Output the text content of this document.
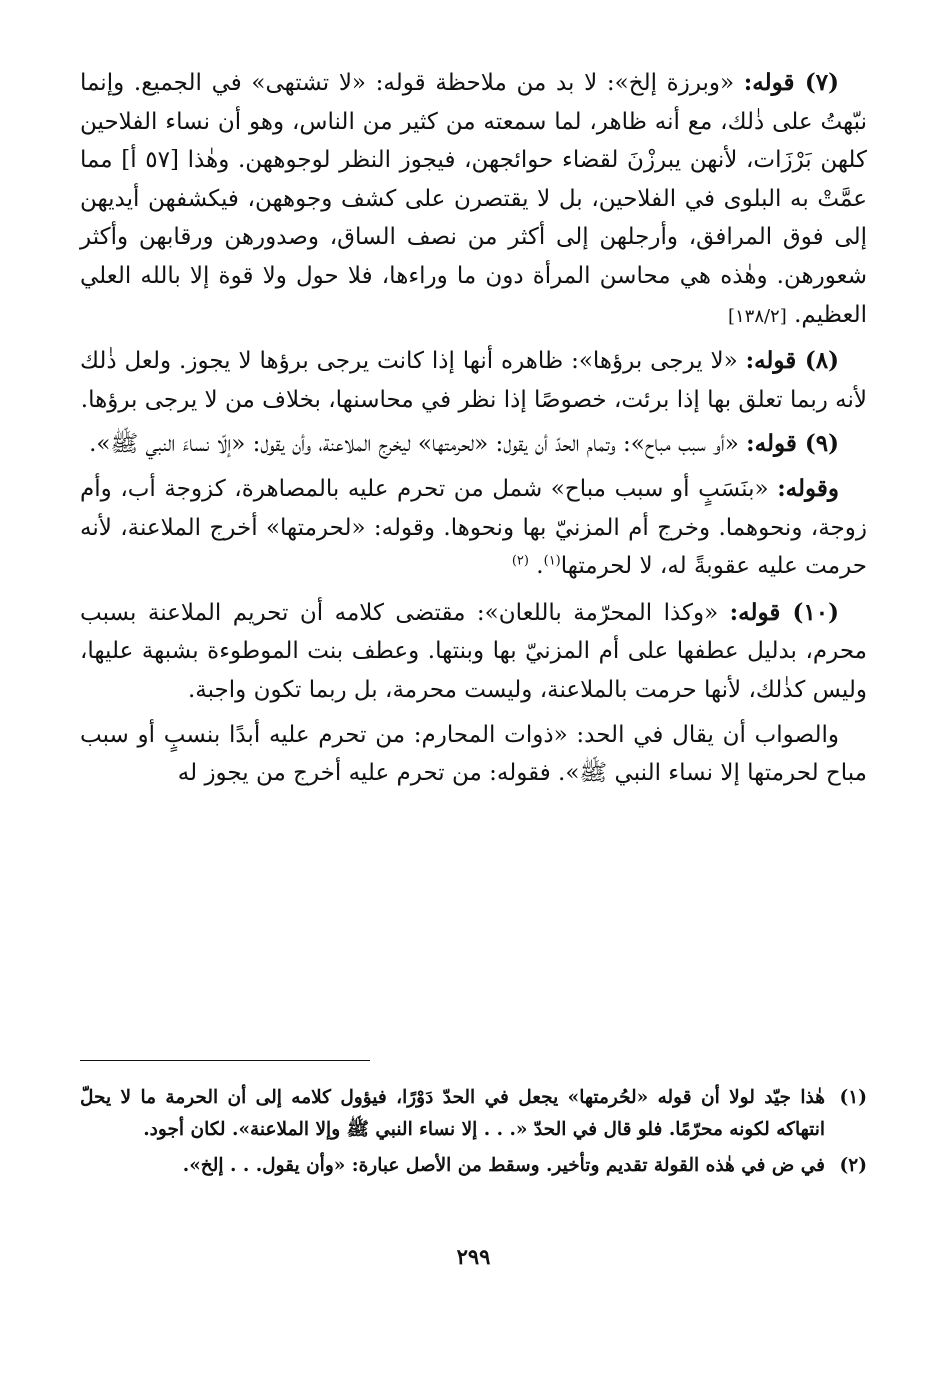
(٧) قوله: «وبرزة إلخ»: لا بد من ملاحظة قوله: «لا تشتهى» في الجميع. وإنما نبّهتُ على ذٰلك، مع أنه ظاهر، لما سمعته من كثير من الناس، وهو أن نساء الفلاحين كلهن بَرْزَات، لأنهن يبرزْنَ لقضاء حوائجهن، فيجوز النظر لوجوههن. وهٰذا [٥٧ أ] مما عمَّتْ به البلوى في الفلاحين، بل لا يقتصرن على كشف وجوههن، فيكشفهن أيديهن إلى فوق المرافق، وأرجلهن إلى أكثر من نصف الساق، وصدورهن ورقابهن وأكثر شعورهن. وهٰذه هي محاسن المرأة دون ما وراءها، فلا حول ولا قوة إلا بالله العلي العظيم. [١٣٨/٢]

(٨) قوله: «لا يرجى برؤها»: ظاهره أنها إذا كانت يرجى برؤها لا يجوز. ولعل ذٰلك لأنه ربما تعلق بها إذا برئت، خصوصًا إذا نظر في محاسنها، بخلاف من لا يرجى برؤها.

(٩) قوله: «أو سبب مباح»: وتمام الحدّ أن يقول: «لحرمتها» ليخرج الملاعنة، وأن يقول: «إلّا نساءَ النبي ﷺ».

وقوله: «بنَسَبٍ أو سبب مباح» شمل من تحرم عليه بالمصاهرة، كزوجة أب، وأم زوجة، ونحوهما. وخرج أم المزنيّ بها ونحوها. وقوله: «لحرمتها» أخرج الملاعنة، لأنه حرمت عليه عقوبةً له، لا لحرمتها$^{(١)}$. $^{(٢)}$

(١٠) قوله: «وكذا المحرّمة باللعان»: مقتضى كلامه أن تحريم الملاعنة بسبب محرم، بدليل عطفها على أم المزنيّ بها وبنتها. وعطف بنت الموطوءة بشبهة عليها، وليس كذٰلك، لأنها حرمت بالملاعنة، وليست محرمة، بل ربما تكون واجبة.

والصواب أن يقال في الحد: «ذوات المحارم: من تحرم عليه أبدًا بنسبٍ أو سبب مباح لحرمتها إلا نساء النبي ﷺ». فقوله: من تحرم عليه أخرج من يجوز له

(١)
هٰذا جيّد لولا أن قوله «لحُرمتها» يجعل في الحدّ دَوْرًا، فيؤول كلامه إلى أن الحرمة ما لا يحلّ انتهاكه لكونه محرّمًا. فلو قال في الحدّ «. . . إلا نساء النبي ﷺ وإلا الملاعنة». لكان أجود.
(٢)
في ض في هٰذه القولة تقديم وتأخير. وسقط من الأصل عبارة: «وأن يقول. . . إلخ».
٢٩٩
